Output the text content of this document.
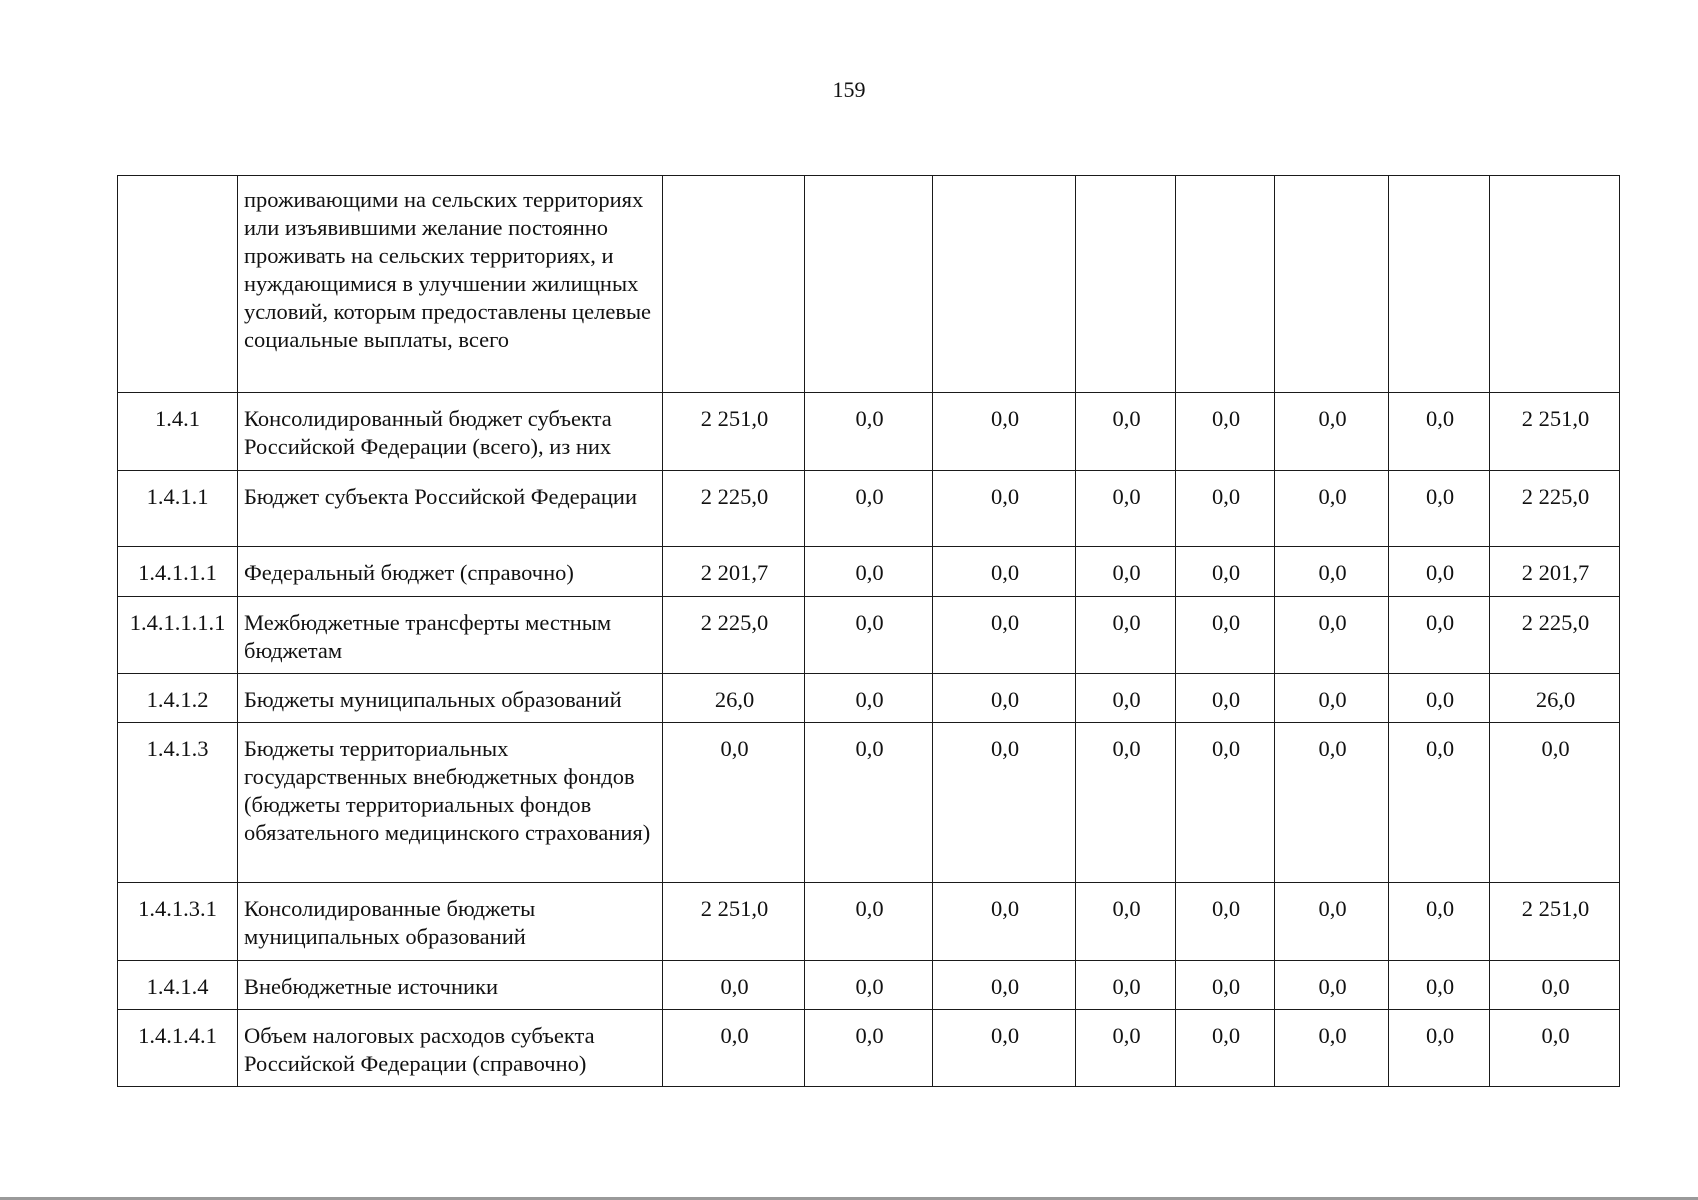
159
	проживающими на сельских территориях или изъявившими желание постоянно проживать на сельских территориях, и нуждающимися в улучшении жилищных условий, которым предоставлены целевые социальные выплаты, всего								
1.4.1	Консолидированный бюджет субъекта Российской Федерации (всего), из них	2 251,0	0,0	0,0	0,0	0,0	0,0	0,0	2 251,0
1.4.1.1	Бюджет субъекта Российской Федерации	2 225,0	0,0	0,0	0,0	0,0	0,0	0,0	2 225,0
1.4.1.1.1	Федеральный бюджет (справочно)	2 201,7	0,0	0,0	0,0	0,0	0,0	0,0	2 201,7
1.4.1.1.1.1	Межбюджетные трансферты местным бюджетам	2 225,0	0,0	0,0	0,0	0,0	0,0	0,0	2 225,0
1.4.1.2	Бюджеты муниципальных образований	26,0	0,0	0,0	0,0	0,0	0,0	0,0	26,0
1.4.1.3	Бюджеты территориальных государственных внебюджетных фондов (бюджеты территориальных фондов обязательного медицинского страхования)	0,0	0,0	0,0	0,0	0,0	0,0	0,0	0,0
1.4.1.3.1	Консолидированные бюджеты муниципальных образований	2 251,0	0,0	0,0	0,0	0,0	0,0	0,0	2 251,0
1.4.1.4	Внебюджетные источники	0,0	0,0	0,0	0,0	0,0	0,0	0,0	0,0
1.4.1.4.1	Объем налоговых расходов субъекта Российской Федерации (справочно)	0,0	0,0	0,0	0,0	0,0	0,0	0,0	0,0
